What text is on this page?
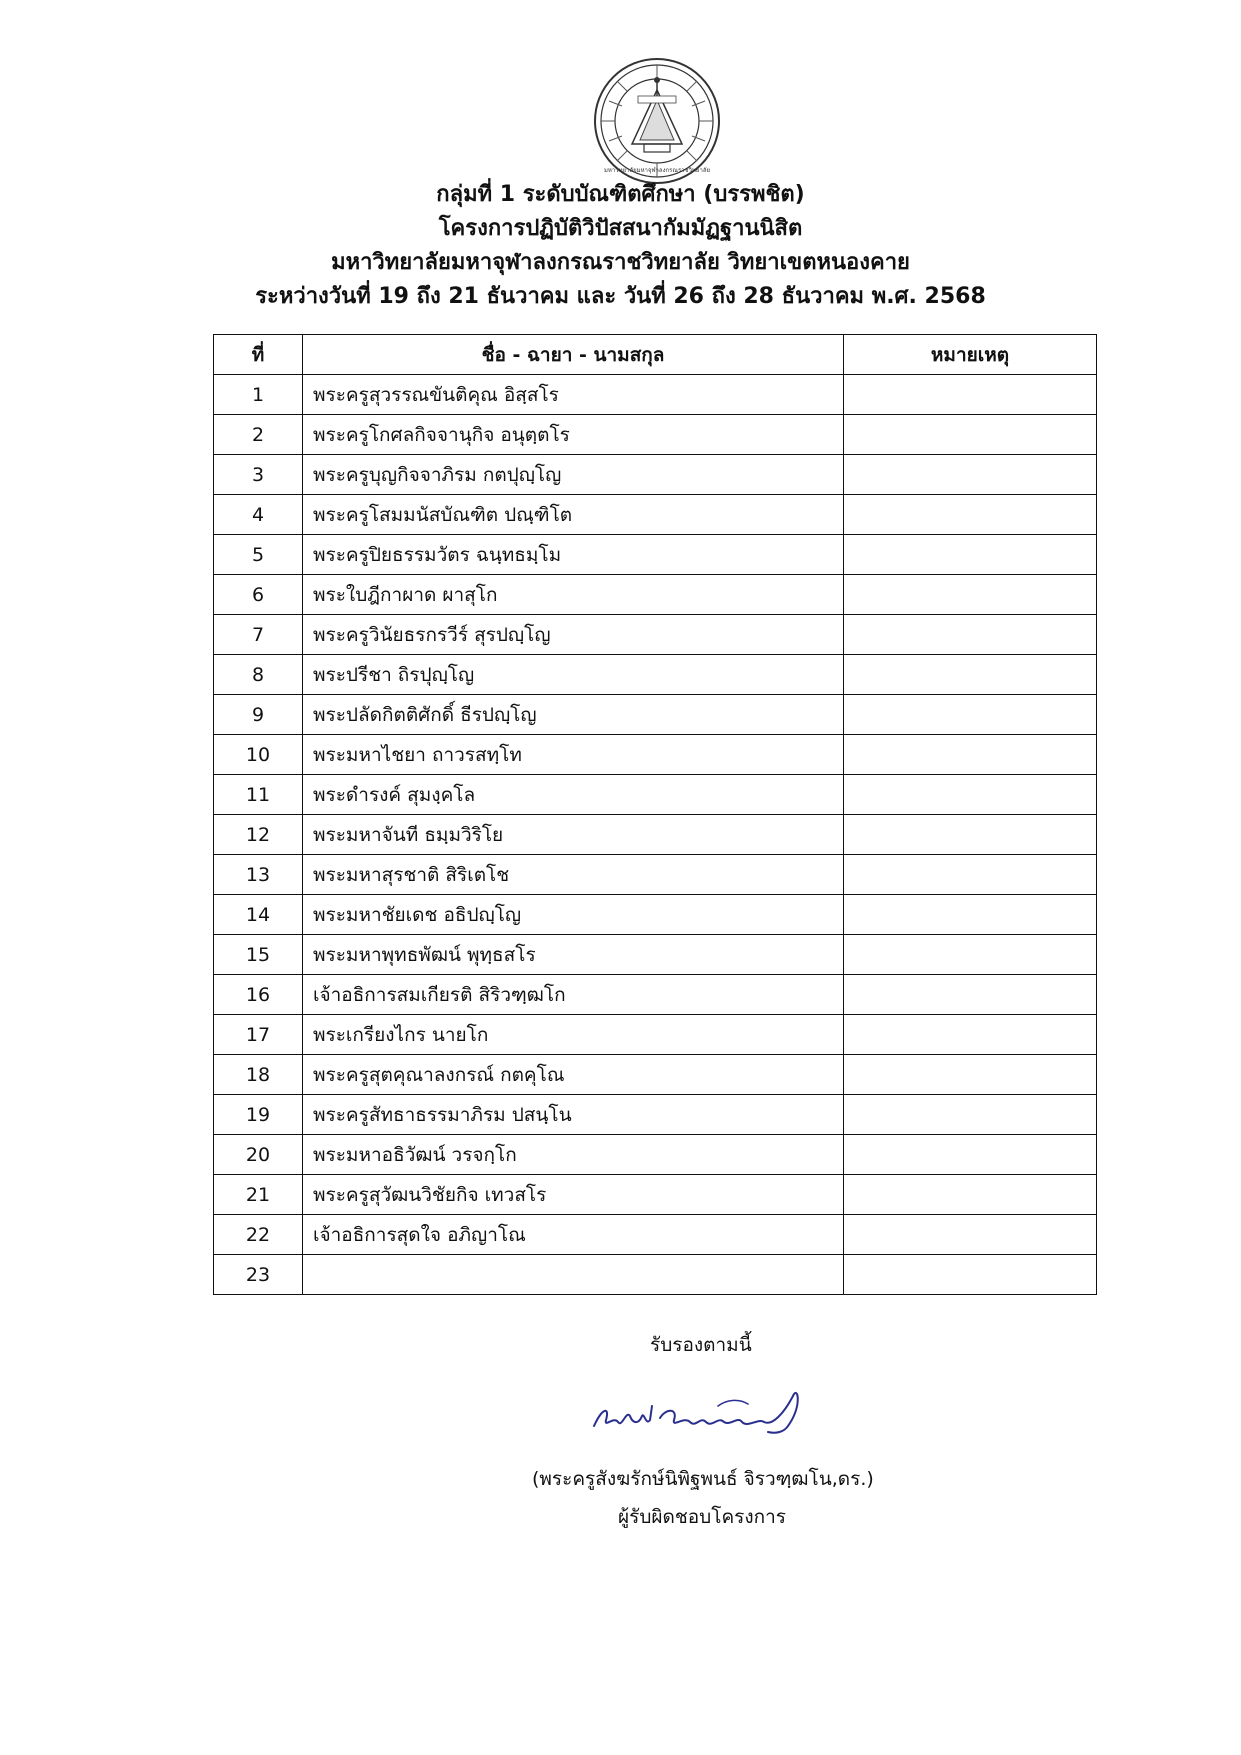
มหาวิทยาลัยมหาจุฬาลงกรณราชวิทยาลัย
กลุ่มที่ 1 ระดับบัณฑิตศึกษา (บรรพชิต)
โครงการปฏิบัติวิปัสสนากัมมัฏฐานนิสิต
มหาวิทยาลัยมหาจุฬาลงกรณราชวิทยาลัย วิทยาเขตหนองคาย
ระหว่างวันที่ 19 ถึง 21 ธันวาคม และ วันที่ 26 ถึง 28 ธันวาคม พ.ศ. 2568
ที่	ชื่อ - ฉายา - นามสกุล	หมายเหตุ
1	พระครูสุวรรณขันติคุณ อิสฺสโร	
2	พระครูโกศลกิจจานุกิจ อนุตฺตโร	
3	พระครูบุญกิจจาภิรม กตปุญฺโญ	
4	พระครูโสมมนัสบัณฑิต ปณฺฑิโต	
5	พระครูปิยธรรมวัตร ฉนฺทธมฺโม	
6	พระใบฎีกาผาด ผาสุโก	
7	พระครูวินัยธรกรวีร์ สุรปญฺโญ	
8	พระปรีชา ถิรปุญฺโญ	
9	พระปลัดกิตติศักดิ์ ธีรปญฺโญ	
10	พระมหาไชยา ถาวรสทฺโท	
11	พระดำรงค์ สุมงฺคโล	
12	พระมหาจันที ธมฺมวิริโย	
13	พระมหาสุรชาติ สิริเตโช	
14	พระมหาชัยเดช อธิปญฺโญ	
15	พระมหาพุทธพัฒน์ พุทฺธสโร	
16	เจ้าอธิการสมเกียรติ สิริวฑฺฒโก	
17	พระเกรียงไกร นายโก	
18	พระครูสุตคุณาลงกรณ์ กตคุโณ	
19	พระครูสัทธาธรรมาภิรม ปสนฺโน	
20	พระมหาอธิวัฒน์ วรจกฺโก	
21	พระครูสุวัฒนวิชัยกิจ เทวสโร	
22	เจ้าอธิการสุดใจ อภิญาโณ	
23		
รับรองตามนี้
(พระครูสังฆรักษ์นิพิฐพนธ์ จิรวฑฺฒโน,ดร.)
ผู้รับผิดชอบโครงการ
